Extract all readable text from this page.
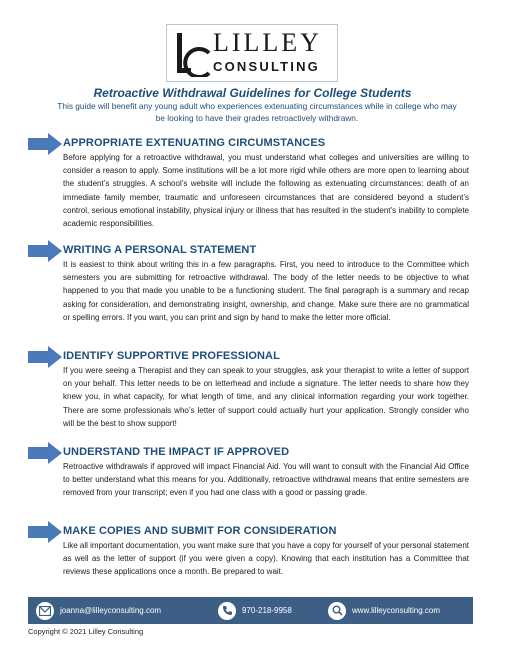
LILLEY
CONSULTING
Retroactive Withdrawal Guidelines for College Students
This guide will benefit any young adult who experiences extenuating circumstances while in college who may be looking to have their grades retroactively withdrawn.
APPROPRIATE EXTENUATING CIRCUMSTANCES
Before applying for a retroactive withdrawal, you must understand what colleges and universities are willing to consider a reason to apply. Some institutions will be a lot more rigid while others are more open to learning about the student’s struggles. A school’s website will include the following as extenuating circumstances: death of an immediate family member, traumatic and unforeseen circumstances that are considered beyond a student’s control, serious emotional instability, physical injury or illness that has resulted in the student’s inability to complete academic responsibilities.
WRITING A PERSONAL STATEMENT
It is easiest to think about writing this in a few paragraphs. First, you need to introduce to the Committee which semesters you are submitting for retroactive withdrawal. The body of the letter needs to be objective to what happened to you that made you unable to be a functioning student. The final paragraph is a summary and recap asking for consideration, and demonstrating insight, ownership, and change. Make sure there are no grammatical or spelling errors. If you want, you can print and sign by hand to make the letter more official.
IDENTIFY SUPPORTIVE PROFESSIONAL
If you were seeing a Therapist and they can speak to your struggles, ask your therapist to write a letter of support on your behalf. This letter needs to be on letterhead and include a signature. The letter needs to share how they knew you, in what capacity, for what length of time, and any clinical information regarding your work together. There are some professionals who’s letter of support could actually hurt your application. Strongly consider who will be the best to show support!
UNDERSTAND THE IMPACT IF APPROVED
Retroactive withdrawals if approved will impact Financial Aid. You will want to consult with the Financial Aid Office to better understand what this means for you. Additionally, retroactive withdrawal means that entire semesters are removed from your transcript; even if you had one class with a good or passing grade.
MAKE COPIES AND SUBMIT FOR CONSIDERATION
Like all important documentation, you want make sure that you have a copy for yourself of your personal statement as well as the letter of support (if you were given a copy). Knowing that each institution has a Committee that reviews these applications once a month. Be prepared to wait.
joanna@lilleyconsulting.com	970-218-9958	www.lilleyconsulting.com
Copyright © 2021 Lilley Consulting
